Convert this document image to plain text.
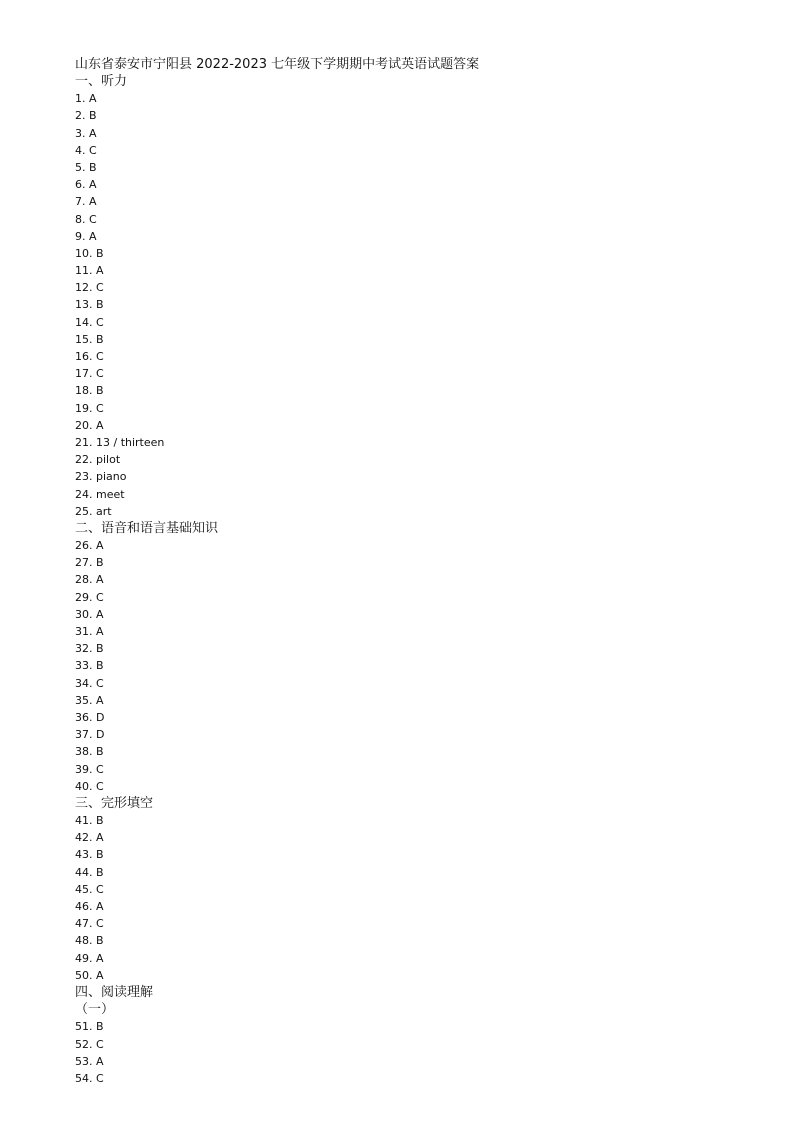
山东省泰安市宁阳县 2022-2023 七年级下学期期中考试英语试题答案
一、听力
1. A
2. B
3. A
4. C
5. B
6. A
7. A
8. C
9. A
10. B
11. A
12. C
13. B
14. C
15. B
16. C
17. C
18. B
19. C
20. A
21. 13 / thirteen
22. pilot
23. piano
24. meet
25. art
二、语音和语言基础知识
26. A
27. B
28. A
29. C
30. A
31. A
32. B
33. B
34. C
35. A
36. D
37. D
38. B
39. C
40. C
三、完形填空
41. B
42. A
43. B
44. B
45. C
46. A
47. C
48. B
49. A
50. A
四、阅读理解
（一）
51. B
52. C
53. A
54. C
